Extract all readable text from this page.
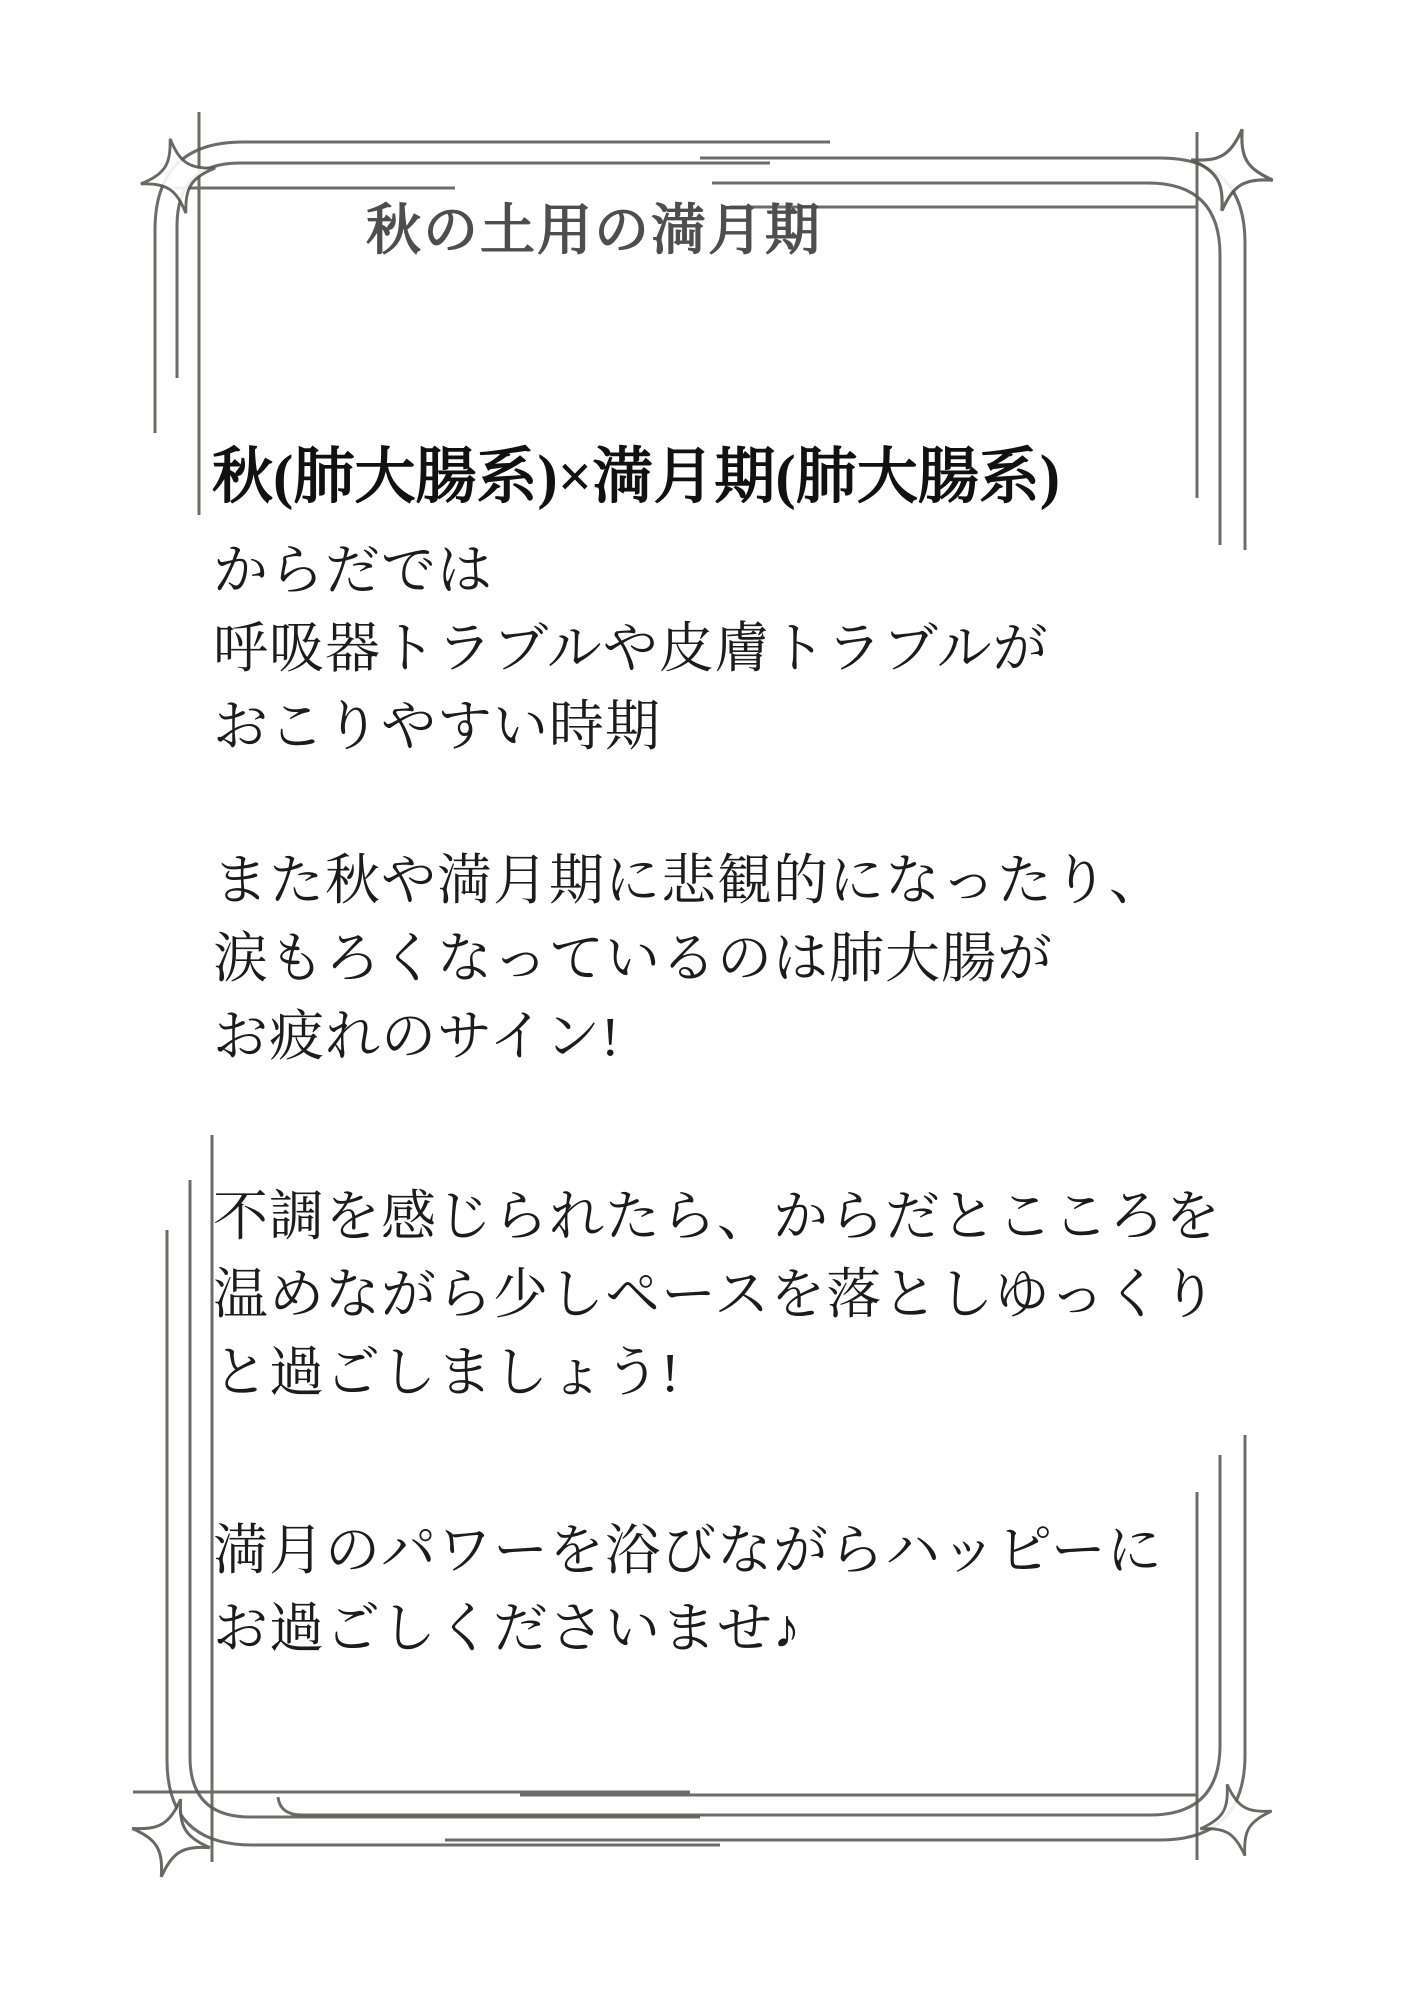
秋の土用の満月期
秋(肺大腸系)×満月期(肺大腸系)
からだでは
呼吸器トラブルや皮膚トラブルが
おこりやすい時期
また秋や満月期に悲観的になったり、
涙もろくなっているのは肺大腸が
お疲れのサイン!
不調を感じられたら、からだとこころを
温めながら少しペースを落としゆっくり
と過ごしましょう!
満月のパワーを浴びながらハッピーに
お過ごしくださいませ♪
